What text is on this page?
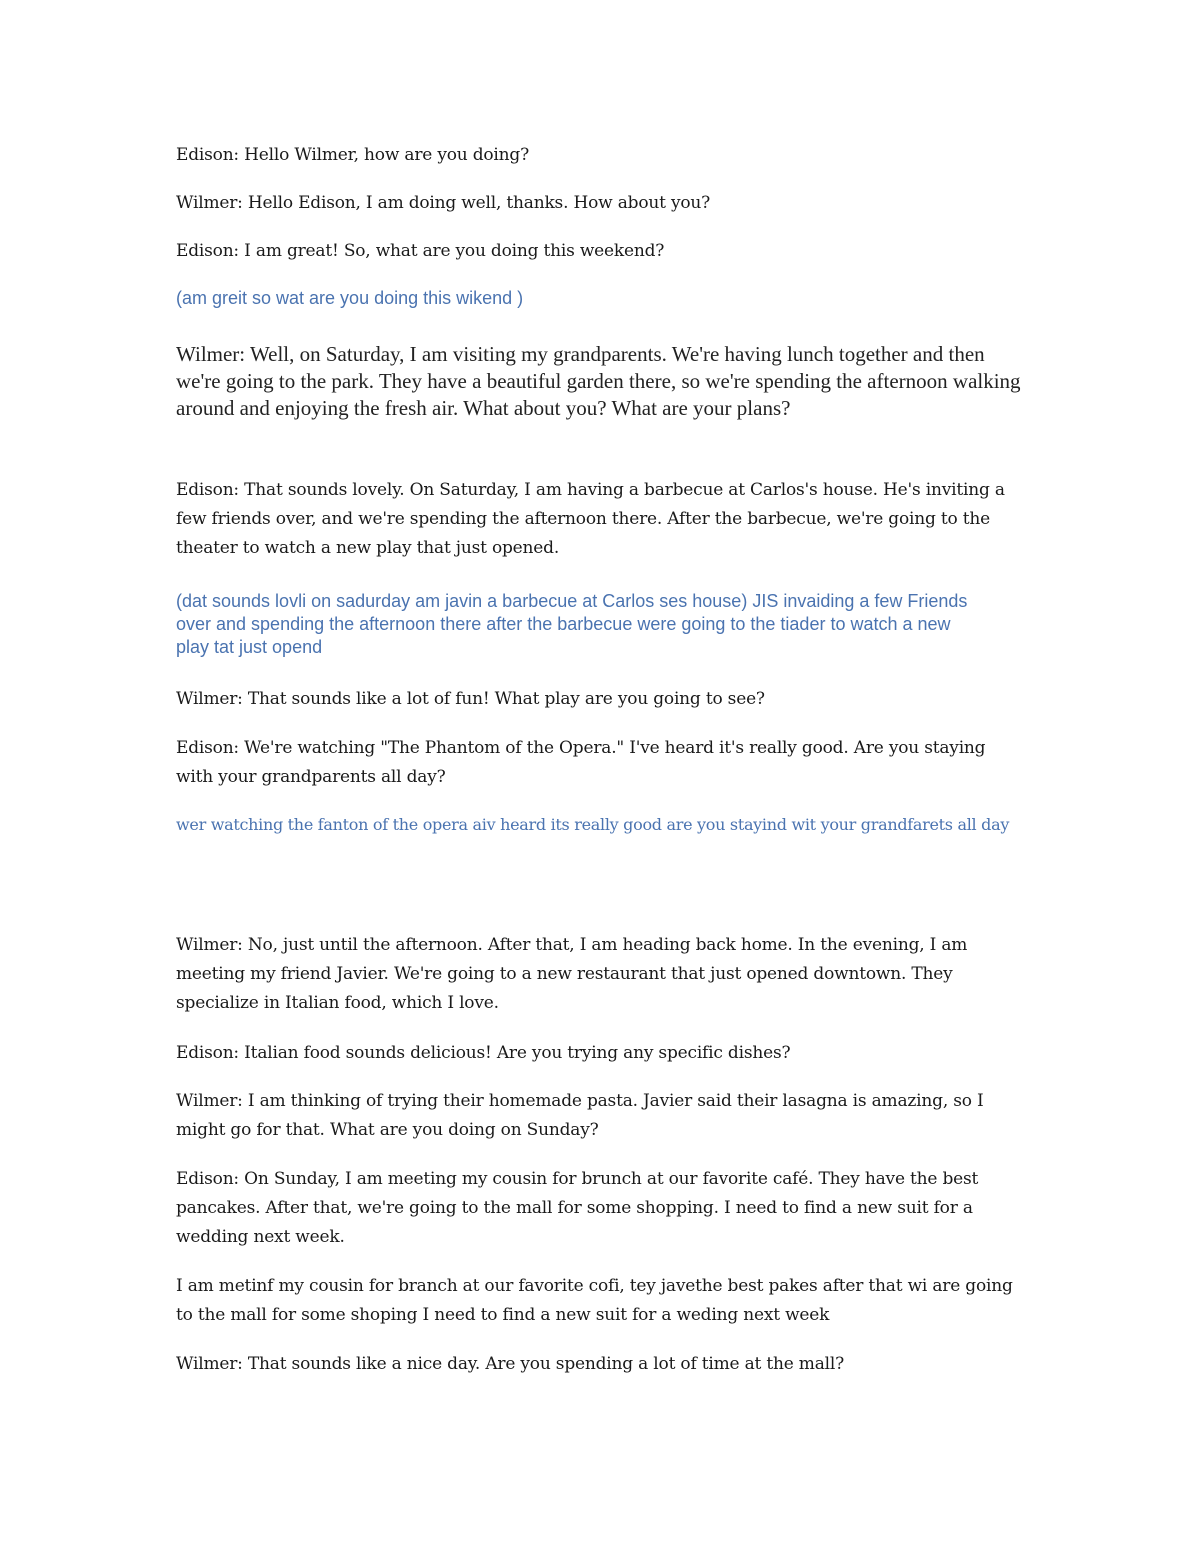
Edison: Hello Wilmer, how are you doing?

Wilmer: Hello Edison, I am doing well, thanks. How about you?

Edison: I am great! So, what are you doing this weekend?

(am greit so wat are you doing this wikend )

Wilmer: Well, on Saturday, I am visiting my grandparents. We're having lunch together and then we're going to the park. They have a beautiful garden there, so we're spending the afternoon walking around and enjoying the fresh air. What about you? What are your plans?

Edison: That sounds lovely. On Saturday, I am having a barbecue at Carlos's house. He's inviting a few friends over, and we're spending the afternoon there. After the barbecue, we're going to the theater to watch a new play that just opened.

(dat sounds lovli on sadurday am javin a barbecue at Carlos ses house) JIS invaiding a few Friends over and spending the afternoon there after the barbecue were going to the tiader to watch a new play tat just opend

Wilmer: That sounds like a lot of fun! What play are you going to see?

Edison: We're watching "The Phantom of the Opera." I've heard it's really good. Are you staying with your grandparents all day?

wer watching the fanton of the opera aiv heard its really good are you stayind wit your grandfarets all day

Wilmer: No, just until the afternoon. After that, I am heading back home. In the evening, I am meeting my friend Javier. We're going to a new restaurant that just opened downtown. They specialize in Italian food, which I love.

Edison: Italian food sounds delicious! Are you trying any specific dishes?

Wilmer: I am thinking of trying their homemade pasta. Javier said their lasagna is amazing, so I might go for that. What are you doing on Sunday?

Edison: On Sunday, I am meeting my cousin for brunch at our favorite café. They have the best pancakes. After that, we're going to the mall for some shopping. I need to find a new suit for a wedding next week.

I am metinf my cousin for branch at our favorite cofi, tey javethe best pakes after that wi are going to the mall for some shoping I need to find a new suit for a weding next week

Wilmer: That sounds like a nice day. Are you spending a lot of time at the mall?
